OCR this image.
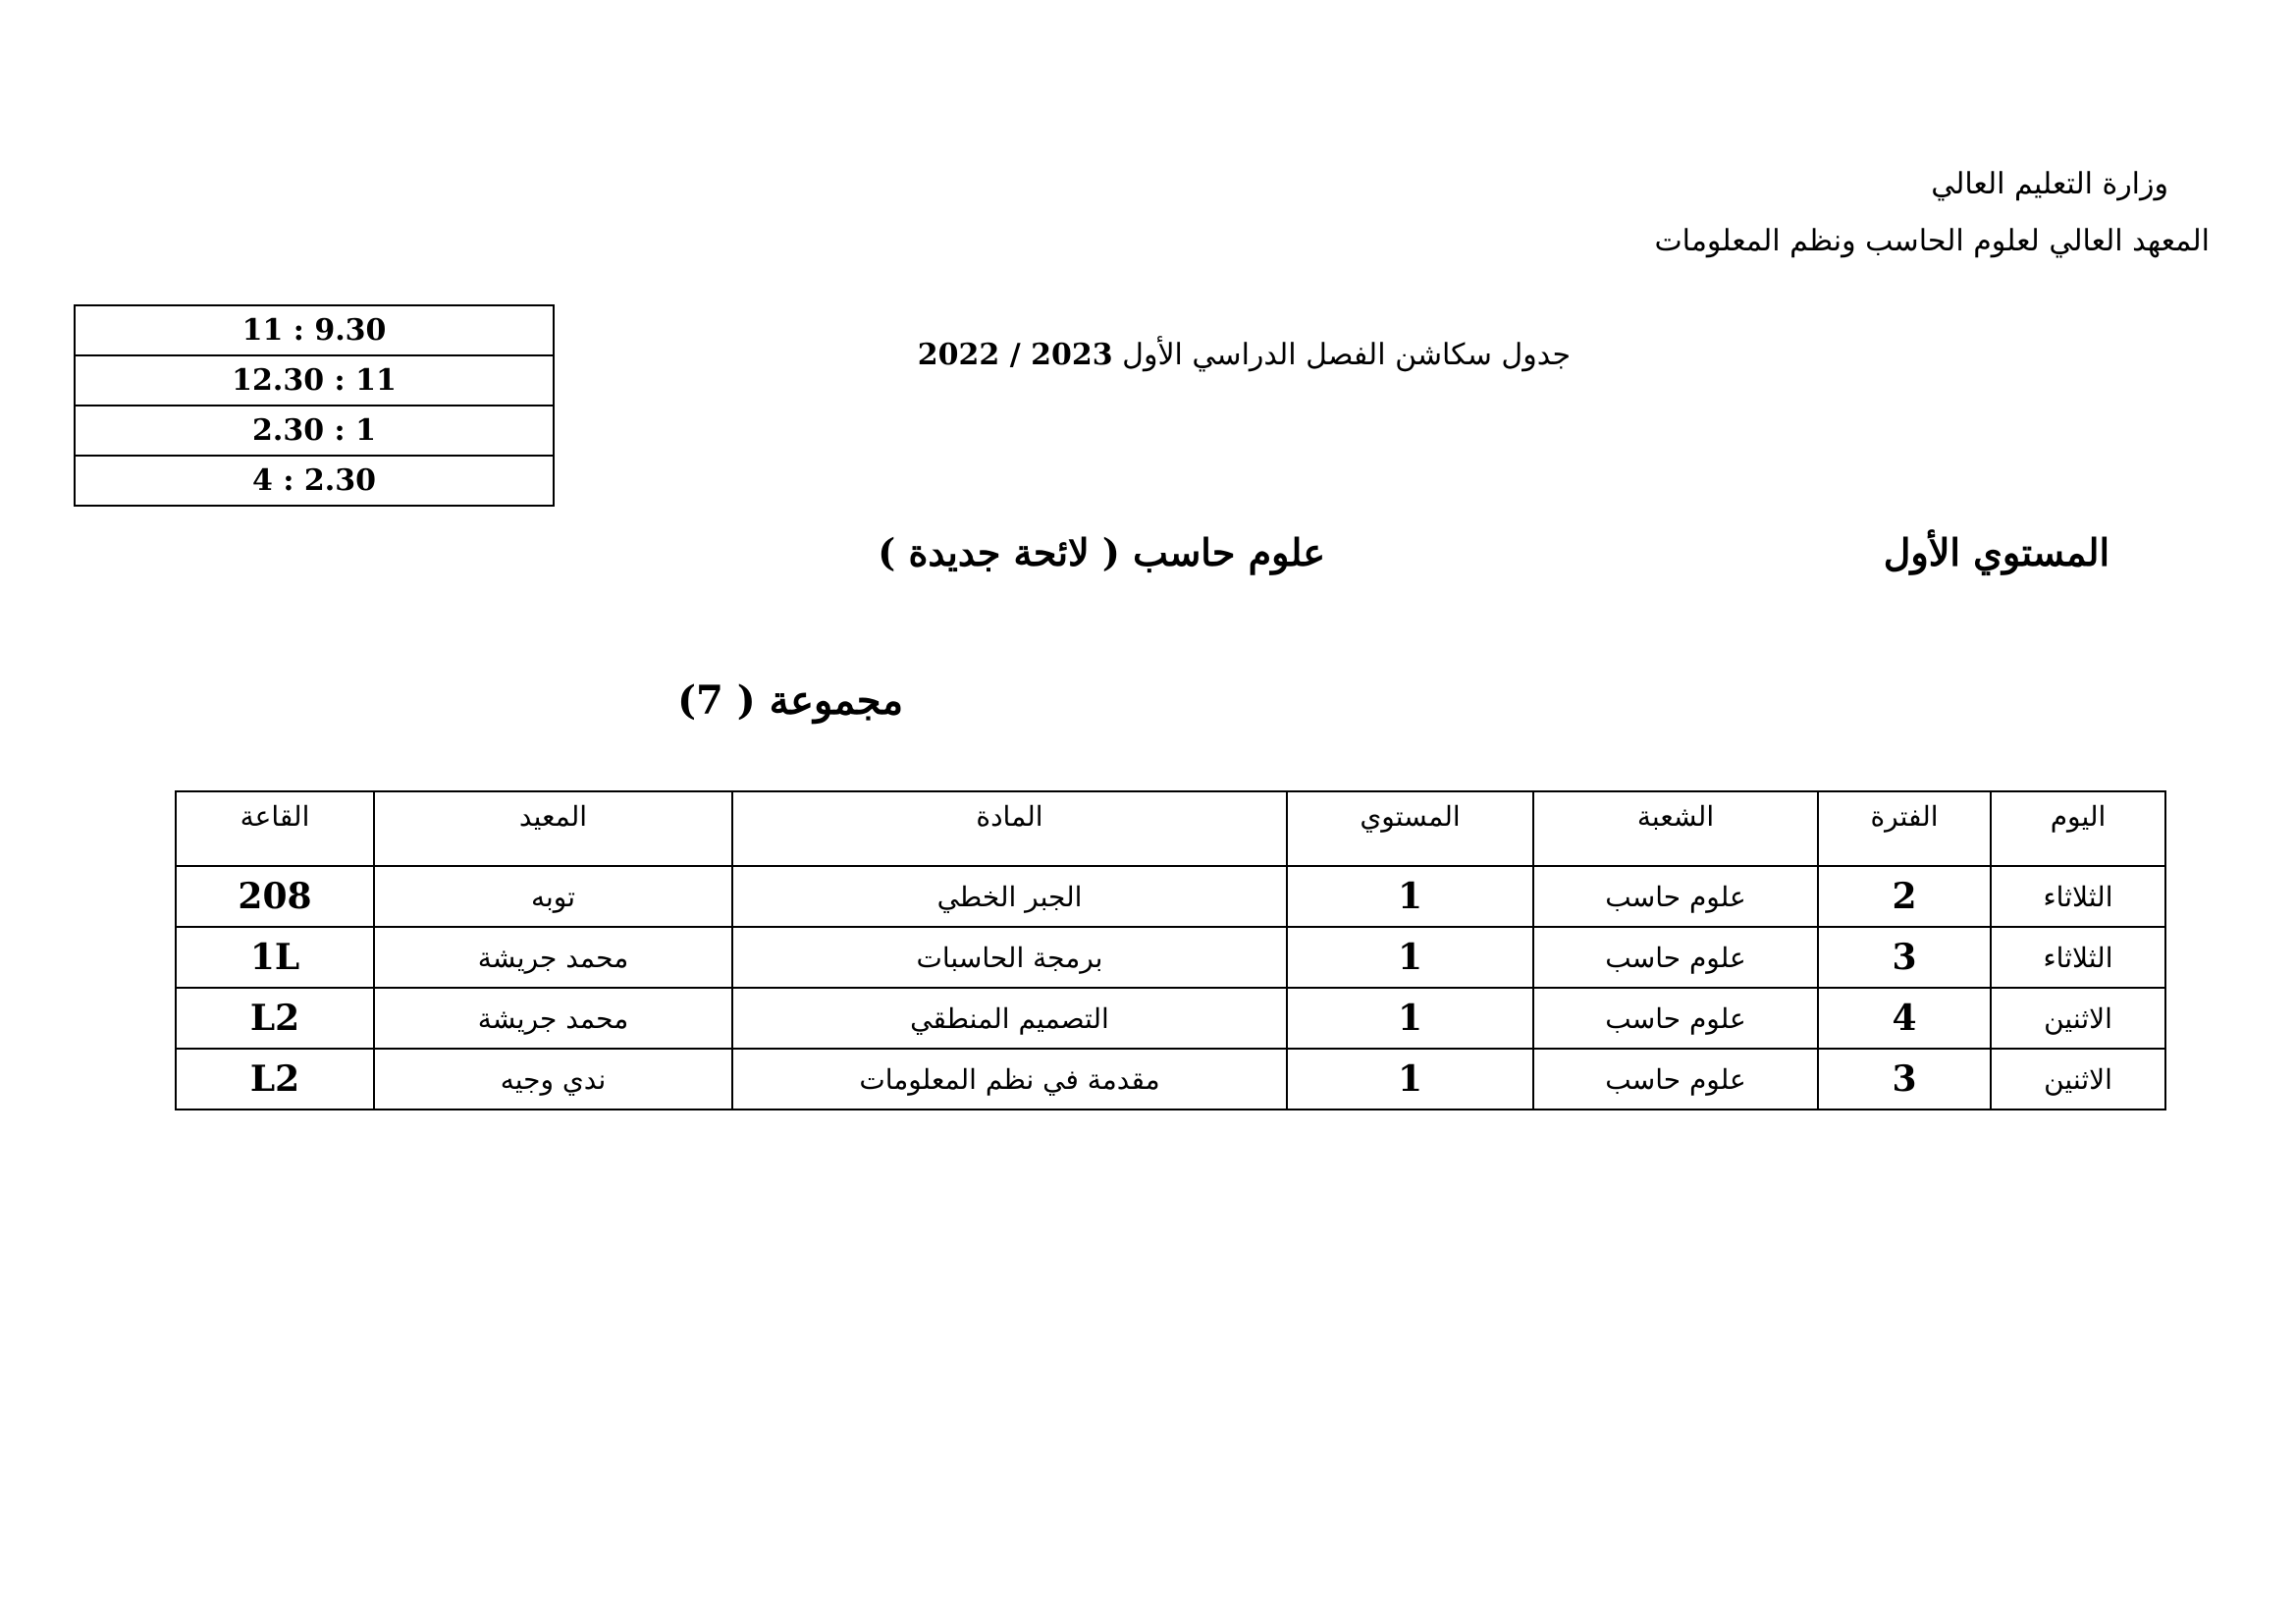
وزارة التعليم العالي
المعهد العالي لعلوم الحاسب ونظم المعلومات
11 : 9.30
12.30 : 11
2.30 : 1
4 : 2.30
جدول سكاشن الفصل الدراسي الأول 2022 / 2023
المستوي الأول
علوم حاسب ( لائحة جديدة )
مجموعة ( 7)
اليوم	الفترة	الشعبة	المستوي	المادة	المعيد	القاعة
الثلاثاء	2	علوم حاسب	1	الجبر الخطي	توبه	208
الثلاثاء	3	علوم حاسب	1	برمجة الحاسبات	محمد جريشة	1L
الاثنين	4	علوم حاسب	1	التصميم المنطقي	محمد جريشة	L2
الاثنين	3	علوم حاسب	1	مقدمة في نظم المعلومات	ندي وجيه	L2
